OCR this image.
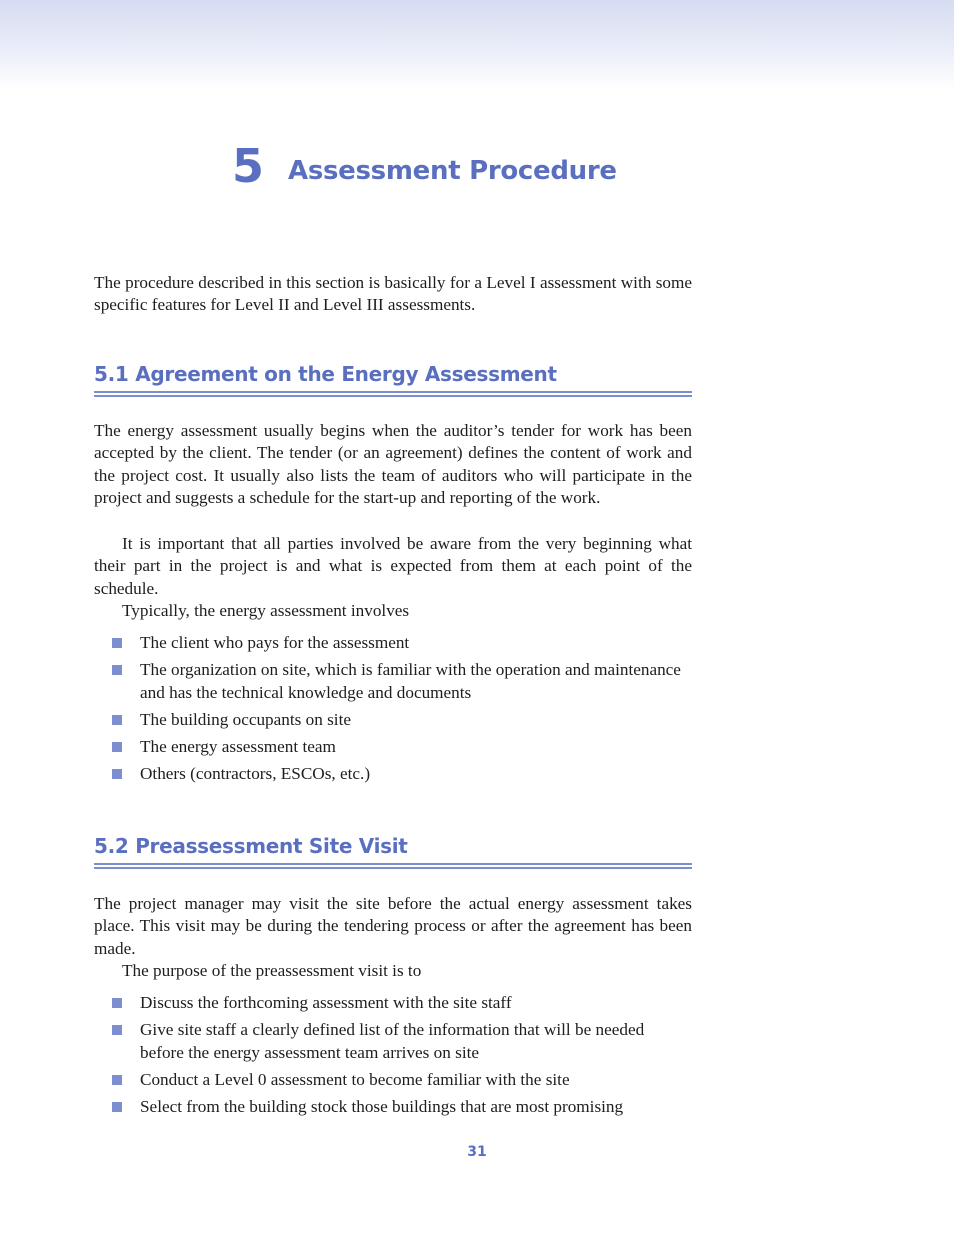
5 Assessment Procedure

The procedure described in this section is basically for a Level I assessment with some specific features for Level II and Level III assessments.

5.1 Agreement on the Energy Assessment

The energy assessment usually begins when the auditor’s tender for work has been accepted by the client. The tender (or an agreement) defines the content of work and the project cost. It usually also lists the team of auditors who will participate in the project and suggests a schedule for the start-up and reporting of the work.

It is important that all parties involved be aware from the very beginning what their part in the project is and what is expected from them at each point of the schedule.

Typically, the energy assessment involves

The client who pays for the assessment
The organization on site, which is familiar with the operation and maintenance and has the technical knowledge and documents
The building occupants on site
The energy assessment team
Others (contractors, ESCOs, etc.)
5.2 Preassessment Site Visit

The project manager may visit the site before the actual energy assessment takes place. This visit may be during the tendering process or after the agreement has been made.

The purpose of the preassessment visit is to

Discuss the forthcoming assessment with the site staff
Give site staff a clearly defined list of the information that will be needed before the energy assessment team arrives on site
Conduct a Level 0 assessment to become familiar with the site
Select from the building stock those buildings that are most promising
31
